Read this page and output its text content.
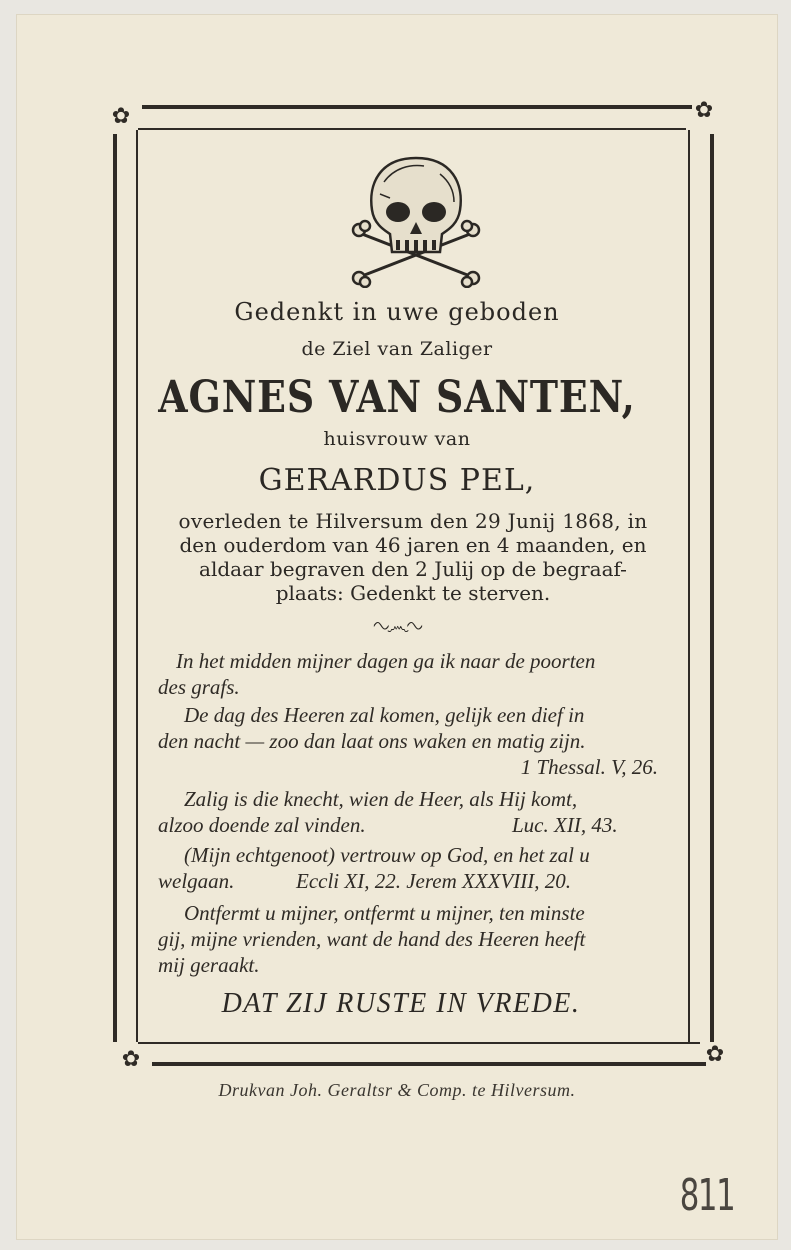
✿	✿
✿	✿
Gedenkt in uwe geboden
de Ziel van Zaliger
AGNES VAN SANTEN,
huisvrouw van
GERARDUS PEL,
overleden te Hilversum den 29 Junij 1868, in
den ouderdom van 46 jaren en 4 maanden, en
aldaar begraven den 2 Julij op de begraaf-
plaats: Gedenkt te sterven.
∿෴∿
In het midden mijner dagen ga ik naar de poorten
des grafs.
De dag des Heeren zal komen, gelijk een dief in
den nacht — zoo dan laat ons waken en matig zijn.
1 Thessal. V, 26.
Zalig is die knecht, wien de Heer, als Hij komt,
alzoo doende zal vinden.	Luc. XII, 43.
(Mijn echtgenoot) vertrouw op God, en het zal u
welgaan.	Eccli XI, 22. Jerem XXXVIII, 20.
Ontfermt u mijner, ontfermt u mijner, ten minste
gij, mijne vrienden, want de hand des Heeren heeft
mij geraakt.
DAT ZIJ RUSTE IN VREDE.
Drukvan Joh. Geraltsr & Comp. te Hilversum.
811
